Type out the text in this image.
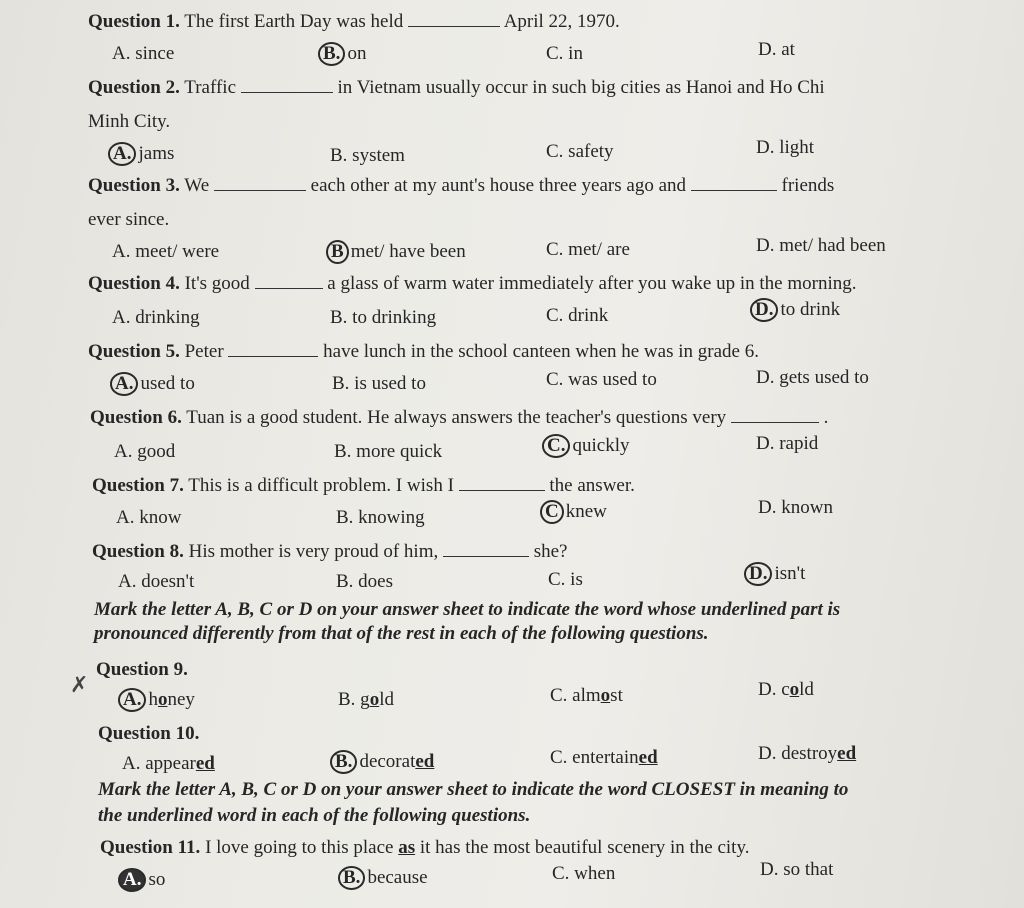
Question 1. The first Earth Day was held	April 22, 1970.
A. since	B. on	C. in	D. at
Question 2. Traffic	in Vietnam usually occur in such big cities as Hanoi and Ho Chi
Minh City.
A. jams	B. system	C. safety	D. light
Question 3. We	each other at my aunt's house three years ago and	friends
ever since.
A. meet/ were	B met/ have been	C. met/ are	D. met/ had been
Question 4. It's good	a glass of warm water immediately after you wake up in the morning.
A. drinking	B. to drinking	C. drink	D. to drink
Question 5. Peter	have lunch in the school canteen when he was in grade 6.
A. used to	B. is used to	C. was used to	D. gets used to
Question 6. Tuan is a good student. He always answers the teacher's questions very	.
A. good	B. more quick	C. quickly	D. rapid
Question 7. This is a difficult problem. I wish I	the answer.
A. know	B. knowing	C knew	D. known
Question 8. His mother is very proud of him,	she?
A. doesn't	B. does	C. is	D. isn't
Mark the letter A, B, C or D on your answer sheet to indicate the word whose underlined part is
pronounced differently from that of the rest in each of the following questions.
Question 9.
✗
A. honey	B. gold	C. almost	D. cold
Question 10.
A. appeared	B. decorated	C. entertained	D. destroyed
Mark the letter A, B, C or D on your answer sheet to indicate the word CLOSEST in meaning to
the underlined word in each of the following questions.
Question 11. I love going to this place as it has the most beautiful scenery in the city.
A. so	B. because	C. when	D. so that
